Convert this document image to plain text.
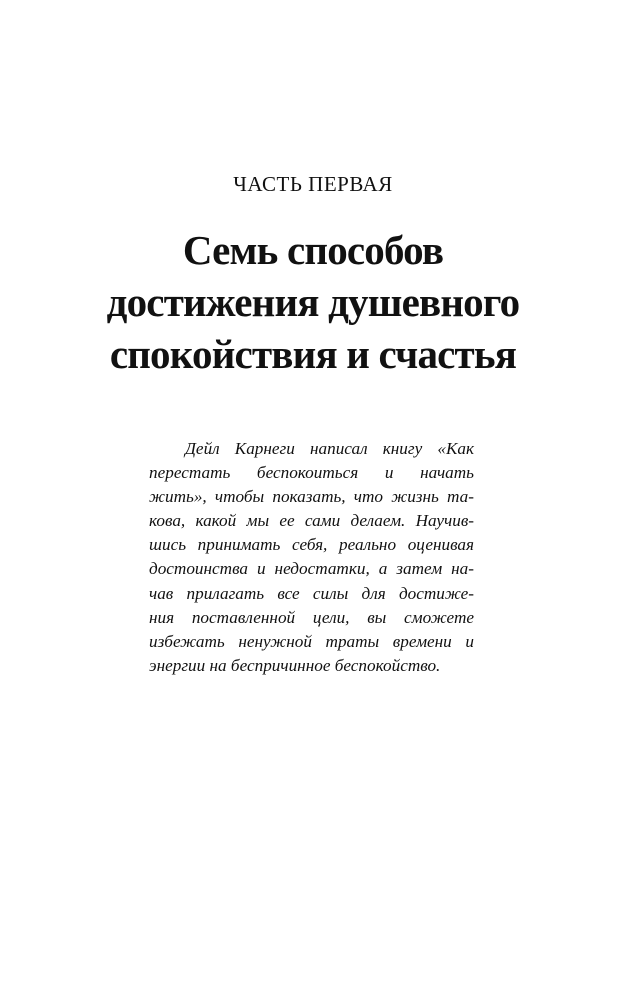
ЧАСТЬ ПЕРВАЯ
Семь способов
достижения душевного
спокойствия и счастья
Дейл Карнеги написал книгу «Как
перестать беспокоиться и начать
жить», чтобы показать, что жизнь та-
кова, какой мы ее сами делаем. Научив-
шись принимать себя, реально оценивая
достоинства и недостатки, а затем на-
чав прилагать все силы для достиже-
ния поставленной цели, вы сможете
избежать ненужной траты времени и
энергии на беспричинное беспокойство.
